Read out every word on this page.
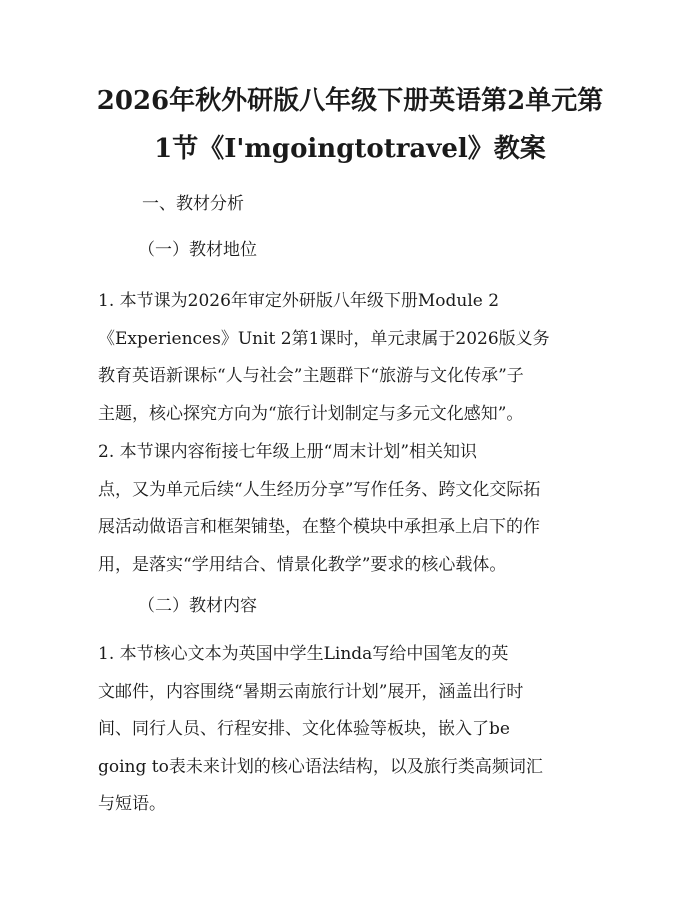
2026年秋外研版八年级下册英语第2单元第
1节《I'mgoingtotravel》教案
一、教材分析
（一）教材地位
1. 本节课为2026年审定外研版八年级下册Module 2
《Experiences》Unit 2第1课时，单元隶属于2026版义务
教育英语新课标“人与社会”主题群下“旅游与文化传承”子
主题，核心探究方向为“旅行计划制定与多元文化感知”。
2. 本节课内容衔接七年级上册“周末计划”相关知识
点，又为单元后续“人生经历分享”写作任务、跨文化交际拓
展活动做语言和框架铺垫，在整个模块中承担承上启下的作
用，是落实“学用结合、情景化教学”要求的核心载体。
（二）教材内容
1. 本节核心文本为英国中学生Linda写给中国笔友的英
文邮件，内容围绕“暑期云南旅行计划”展开，涵盖出行时
间、同行人员、行程安排、文化体验等板块，嵌入了be
going to表未来计划的核心语法结构，以及旅行类高频词汇
与短语。
